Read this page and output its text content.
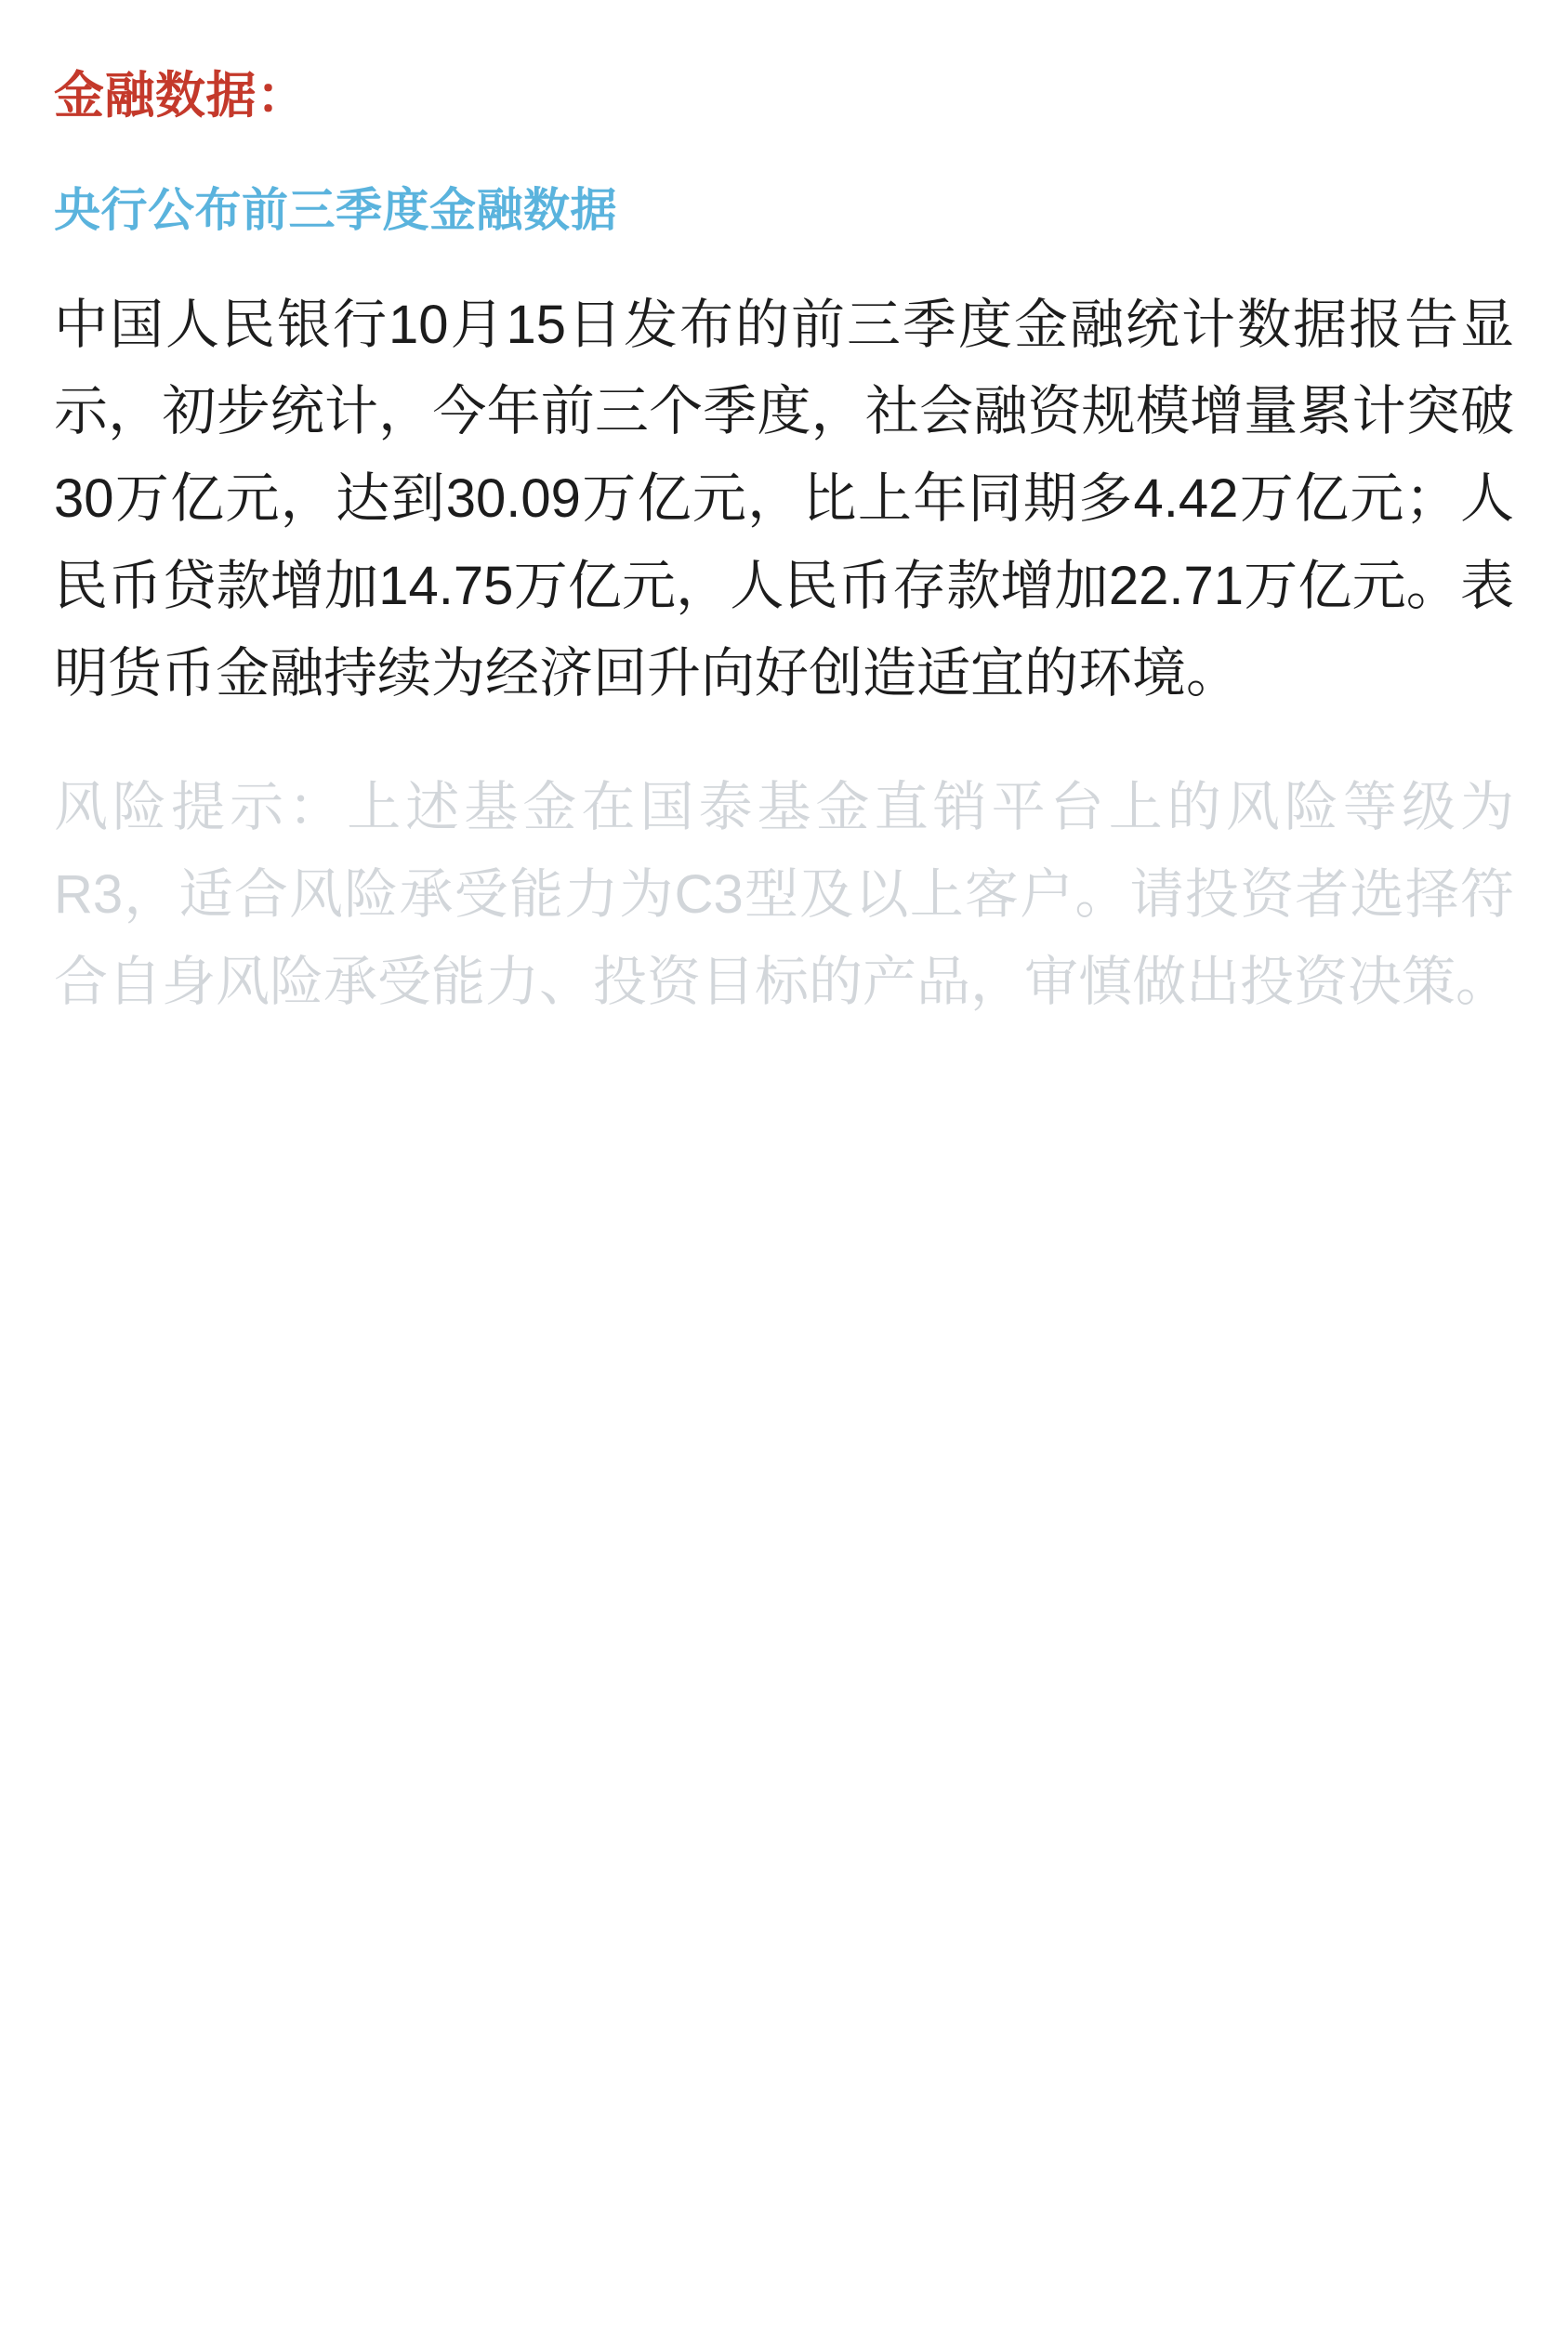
金融数据：
央行公布前三季度金融数据

中国人民银行10月15日发布的前三季度金融统计数据报告显示，初步统计，今年前三个季度，社会融资规模增量累计突破30万亿元，达到30.09万亿元，比上年同期多4.42万亿元；人民币贷款增加14.75万亿元，人民币存款增加22.71万亿元。表明货币金融持续为经济回升向好创造适宜的环境。

风险提示：上述基金在国泰基金直销平台上的风险等级为R3，适合风险承受能力为C3型及以上客户。请投资者选择符合自身风险承受能力、投资目标的产品，审慎做出投资决策。
